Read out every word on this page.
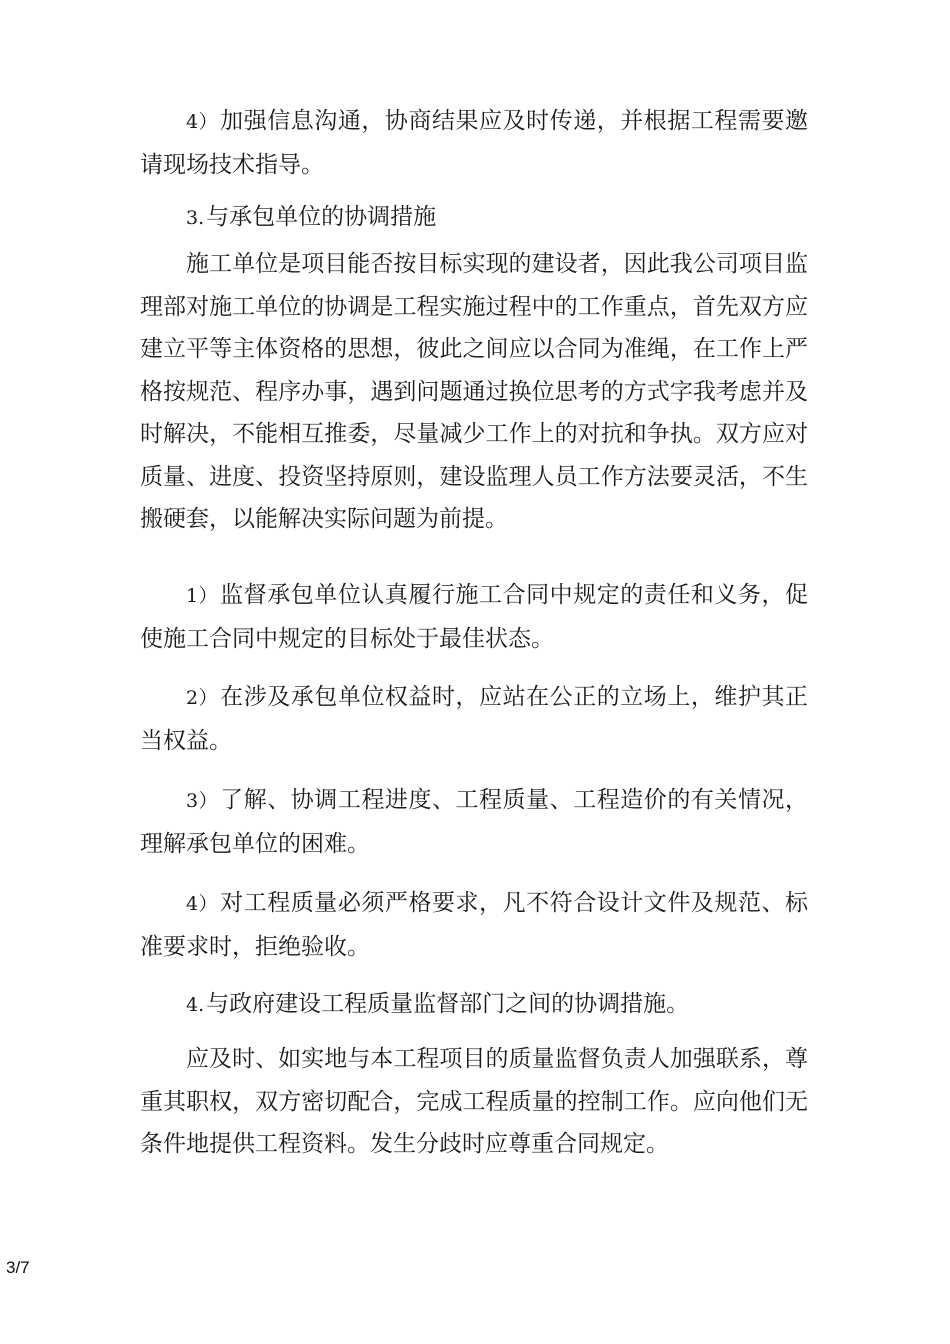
4）加强信息沟通，协商结果应及时传递，并根据工程需要邀请现场技术指导。

3.与承包单位的协调措施

施工单位是项目能否按目标实现的建设者，因此我公司项目监理部对施工单位的协调是工程实施过程中的工作重点，首先双方应建立平等主体资格的思想，彼此之间应以合同为准绳，在工作上严格按规范、程序办事，遇到问题通过换位思考的方式字我考虑并及时解决，不能相互推委，尽量减少工作上的对抗和争执。双方应对质量、进度、投资坚持原则，建设监理人员工作方法要灵活，不生搬硬套，以能解决实际问题为前提。

1）监督承包单位认真履行施工合同中规定的责任和义务，促使施工合同中规定的目标处于最佳状态。

2）在涉及承包单位权益时，应站在公正的立场上，维护其正当权益。

3）了解、协调工程进度、工程质量、工程造价的有关情况，理解承包单位的困难。

4）对工程质量必须严格要求，凡不符合设计文件及规范、标准要求时，拒绝验收。

4.与政府建设工程质量监督部门之间的协调措施。

应及时、如实地与本工程项目的质量监督负责人加强联系，尊重其职权，双方密切配合，完成工程质量的控制工作。应向他们无条件地提供工程资料。发生分歧时应尊重合同规定。

3/7
